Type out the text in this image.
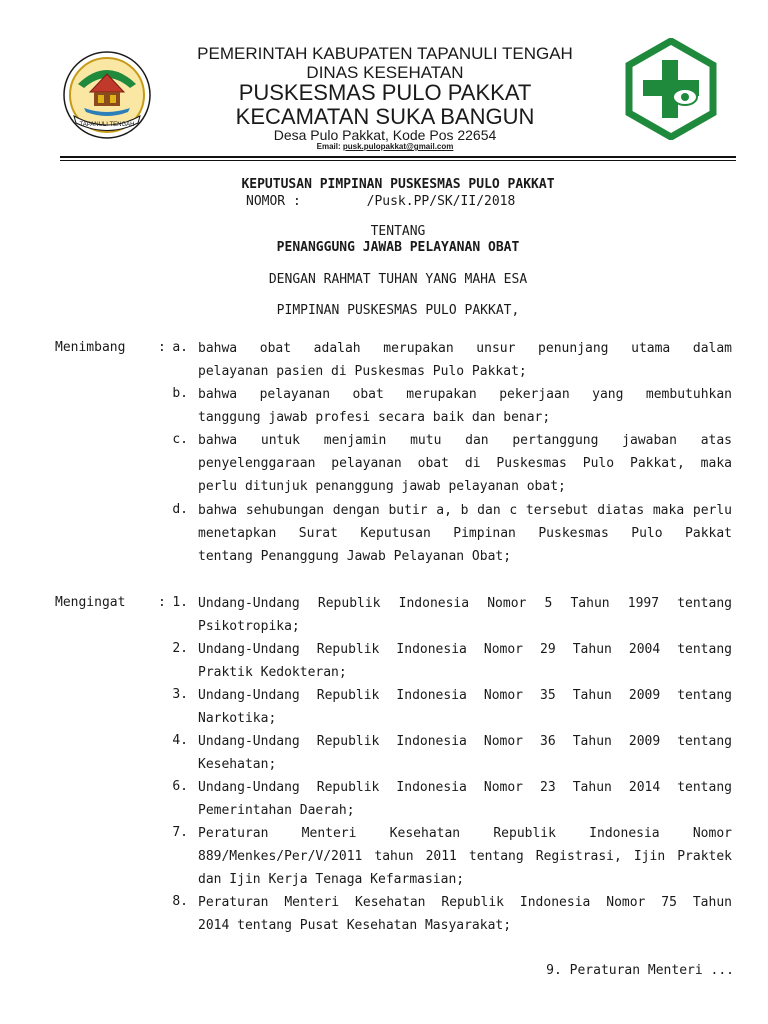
TAPANULI TENGAH
PEMERINTAH KABUPATEN TAPANULI TENGAH
DINAS KESEHATAN
PUSKESMAS PULO PAKKAT
KECAMATAN SUKA BANGUN
Desa Pulo Pakkat, Kode Pos 22654
Email: pusk.pulopakkat@gmail.com
KEPUTUSAN PIMPINAN PUSKESMAS PULO PAKKAT
NOMOR :	/Pusk.PP/SK/II/2018
TENTANG
PENANGGUNG JAWAB PELAYANAN OBAT
DENGAN RAHMAT TUHAN YANG MAHA ESA
PIMPINAN PUSKESMAS PULO PAKKAT,
Menimbang	: a. bahwa obat adalah merupakan unsur penunjang utama dalam
pelayanan pasien di Puskesmas Pulo Pakkat;
b. bahwa pelayanan obat merupakan pekerjaan yang membutuhkan
tanggung jawab profesi secara baik dan benar;
c. bahwa untuk menjamin mutu dan pertanggung jawaban atas
penyelenggaraan pelayanan obat di Puskesmas Pulo Pakkat, maka
perlu ditunjuk penanggung jawab pelayanan obat;
d. bahwa sehubungan dengan butir a, b dan c tersebut diatas maka perlu
menetapkan Surat Keputusan Pimpinan Puskesmas Pulo Pakkat
tentang Penanggung Jawab Pelayanan Obat;
Mengingat	: 1. Undang-Undang Republik Indonesia Nomor 5 Tahun 1997 tentang
Psikotropika;
2. Undang-Undang Republik Indonesia Nomor 29 Tahun 2004 tentang
Praktik Kedokteran;
3. Undang-Undang Republik Indonesia Nomor 35 Tahun 2009 tentang
Narkotika;
4. Undang-Undang Republik Indonesia Nomor 36 Tahun 2009 tentang
Kesehatan;
6. Undang-Undang Republik Indonesia Nomor 23 Tahun 2014 tentang
Pemerintahan Daerah;
7. Peraturan Menteri Kesehatan Republik Indonesia Nomor
889/Menkes/Per/V/2011 tahun 2011 tentang Registrasi, Ijin Praktek
dan Ijin Kerja Tenaga Kefarmasian;
8. Peraturan Menteri Kesehatan Republik Indonesia Nomor 75 Tahun
2014 tentang Pusat Kesehatan Masyarakat;
9. Peraturan Menteri ...
